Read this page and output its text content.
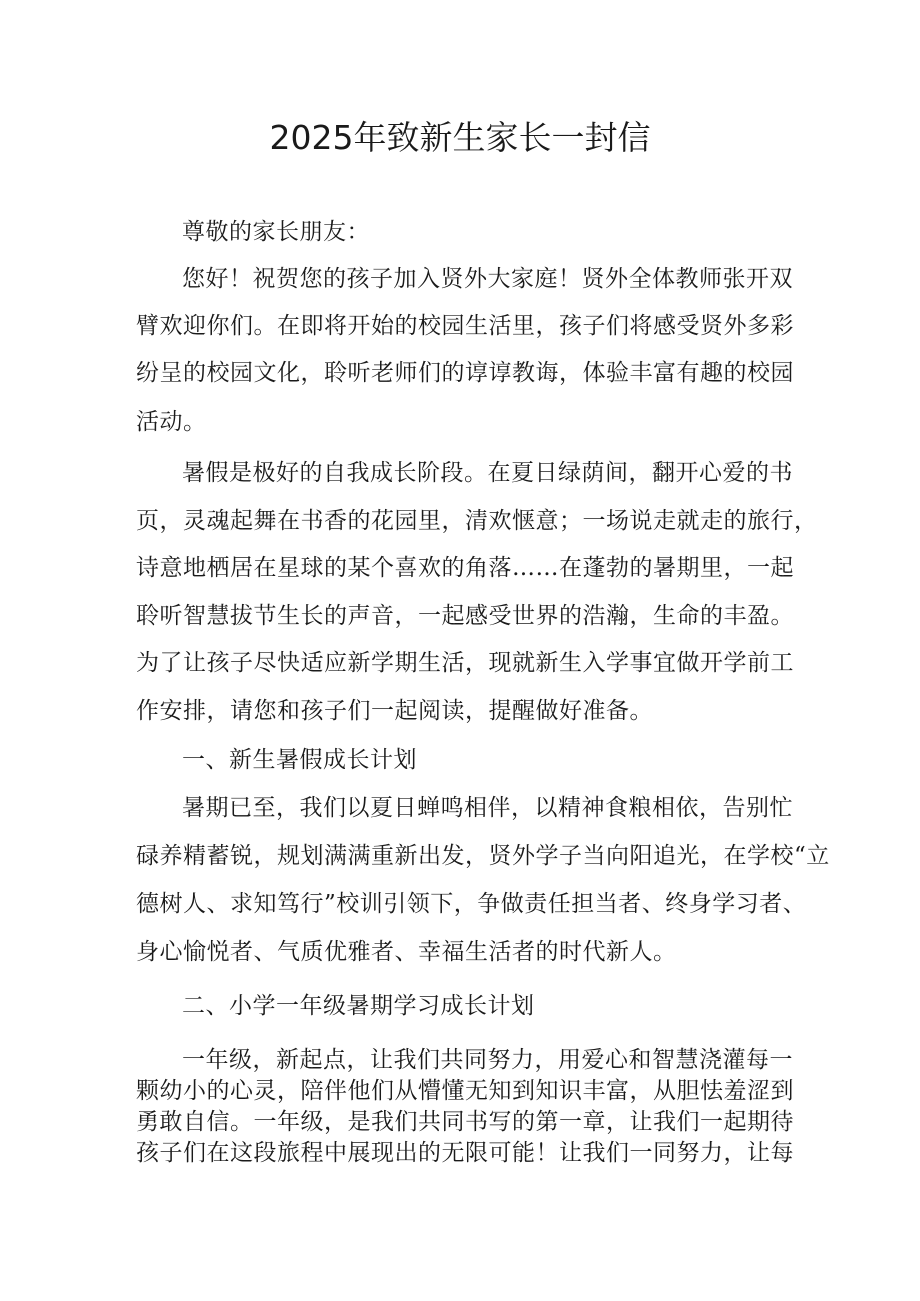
2025年致新生家长一封信

尊敬的家长朋友：

您好！祝贺您的孩子加入贤外大家庭！贤外全体教师张开双

臂欢迎你们。在即将开始的校园生活里，孩子们将感受贤外多彩

纷呈的校园文化，聆听老师们的谆谆教诲，体验丰富有趣的校园

活动。

暑假是极好的自我成长阶段。在夏日绿荫间，翻开心爱的书

页，灵魂起舞在书香的花园里，清欢惬意；一场说走就走的旅行，

诗意地栖居在星球的某个喜欢的角落……在蓬勃的暑期里，一起

聆听智慧拔节生长的声音，一起感受世界的浩瀚，生命的丰盈。

为了让孩子尽快适应新学期生活，现就新生入学事宜做开学前工

作安排，请您和孩子们一起阅读，提醒做好准备。

一、新生暑假成长计划

暑期已至，我们以夏日蝉鸣相伴，以精神食粮相依，告别忙

碌养精蓄锐，规划满满重新出发，贤外学子当向阳追光，在学校“立

德树人、求知笃行”校训引领下，争做责任担当者、终身学习者、

身心愉悦者、气质优雅者、幸福生活者的时代新人。

二、小学一年级暑期学习成长计划

一年级，新起点，让我们共同努力，用爱心和智慧浇灌每一

颗幼小的心灵，陪伴他们从懵懂无知到知识丰富，从胆怯羞涩到

勇敢自信。一年级，是我们共同书写的第一章，让我们一起期待

孩子们在这段旅程中展现出的无限可能！让我们一同努力，让每
